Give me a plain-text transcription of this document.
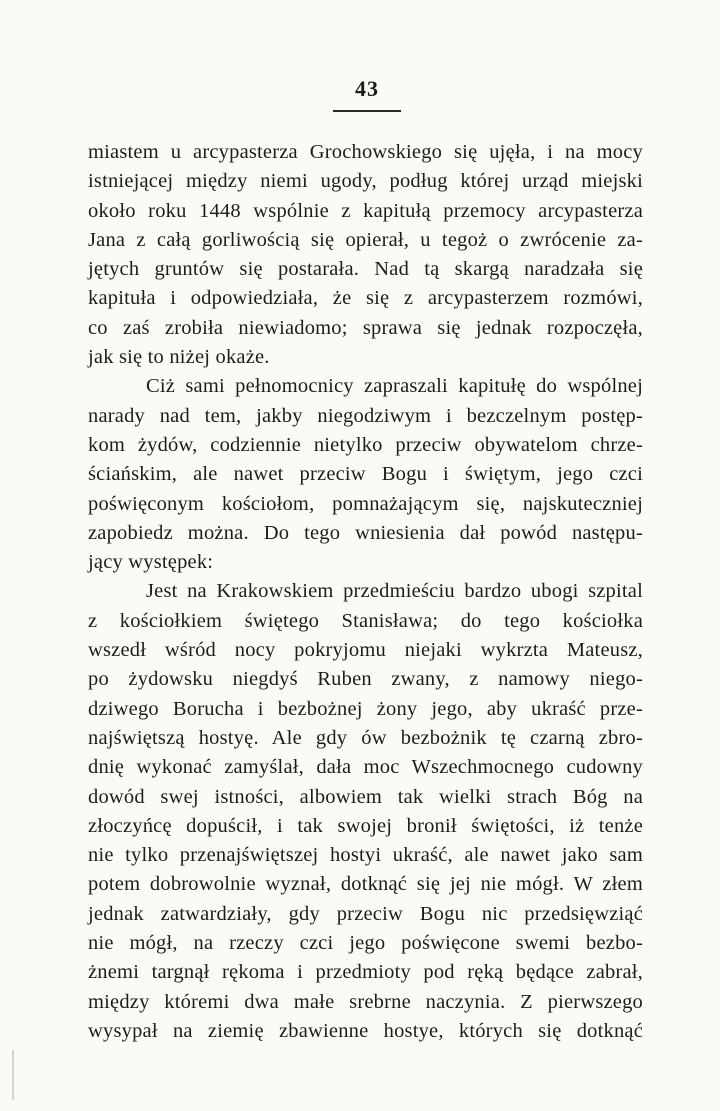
43
miastem u arcypasterza Grochowskiego się ujęła, i na mocy
istniejącej między niemi ugody, podług której urząd miejski
około roku 1448 wspólnie z kapitułą przemocy arcypasterza
Jana z całą gorliwością się opierał, u tegoż o zwrócenie za-
jętych gruntów się postarała. Nad tą skargą naradzała się
kapituła i odpowiedziała, że się z arcypasterzem rozmówi,
co zaś zrobiła niewiadomo; sprawa się jednak rozpoczęła,
jak się to niżej okaże.
Ciż sami pełnomocnicy zapraszali kapitułę do wspólnej
narady nad tem, jakby niegodziwym i bezczelnym postęp-
kom żydów, codziennie nietylko przeciw obywatelom chrze-
ściańskim, ale nawet przeciw Bogu i świętym, jego czci
poświęconym kościołom, pomnażającym się, najskuteczniej
zapobiedz można. Do tego wniesienia dał powód następu-
jący występek:
Jest na Krakowskiem przedmieściu bardzo ubogi szpital
z kościołkiem świętego Stanisława; do tego kościołka
wszedł wśród nocy pokryjomu niejaki wykrzta Mateusz,
po żydowsku niegdyś Ruben zwany, z namowy niego-
dziwego Borucha i bezbożnej żony jego, aby ukraść prze-
najświętszą hostyę. Ale gdy ów bezbożnik tę czarną zbro-
dnię wykonać zamyślał, dała moc Wszechmocnego cudowny
dowód swej istności, albowiem tak wielki strach Bóg na
złoczyńcę dopuścił, i tak swojej bronił świętości, iż tenże
nie tylko przenajświętszej hostyi ukraść, ale nawet jako sam
potem dobrowolnie wyznał, dotknąć się jej nie mógł. W złem
jednak zatwardziały, gdy przeciw Bogu nic przedsięwziąć
nie mógł, na rzeczy czci jego poświęcone swemi bezbo-
żnemi targnął rękoma i przedmioty pod ręką będące zabrał,
między któremi dwa małe srebrne naczynia. Z pierwszego
wysypał na ziemię zbawienne hostye, których się dotknąć
